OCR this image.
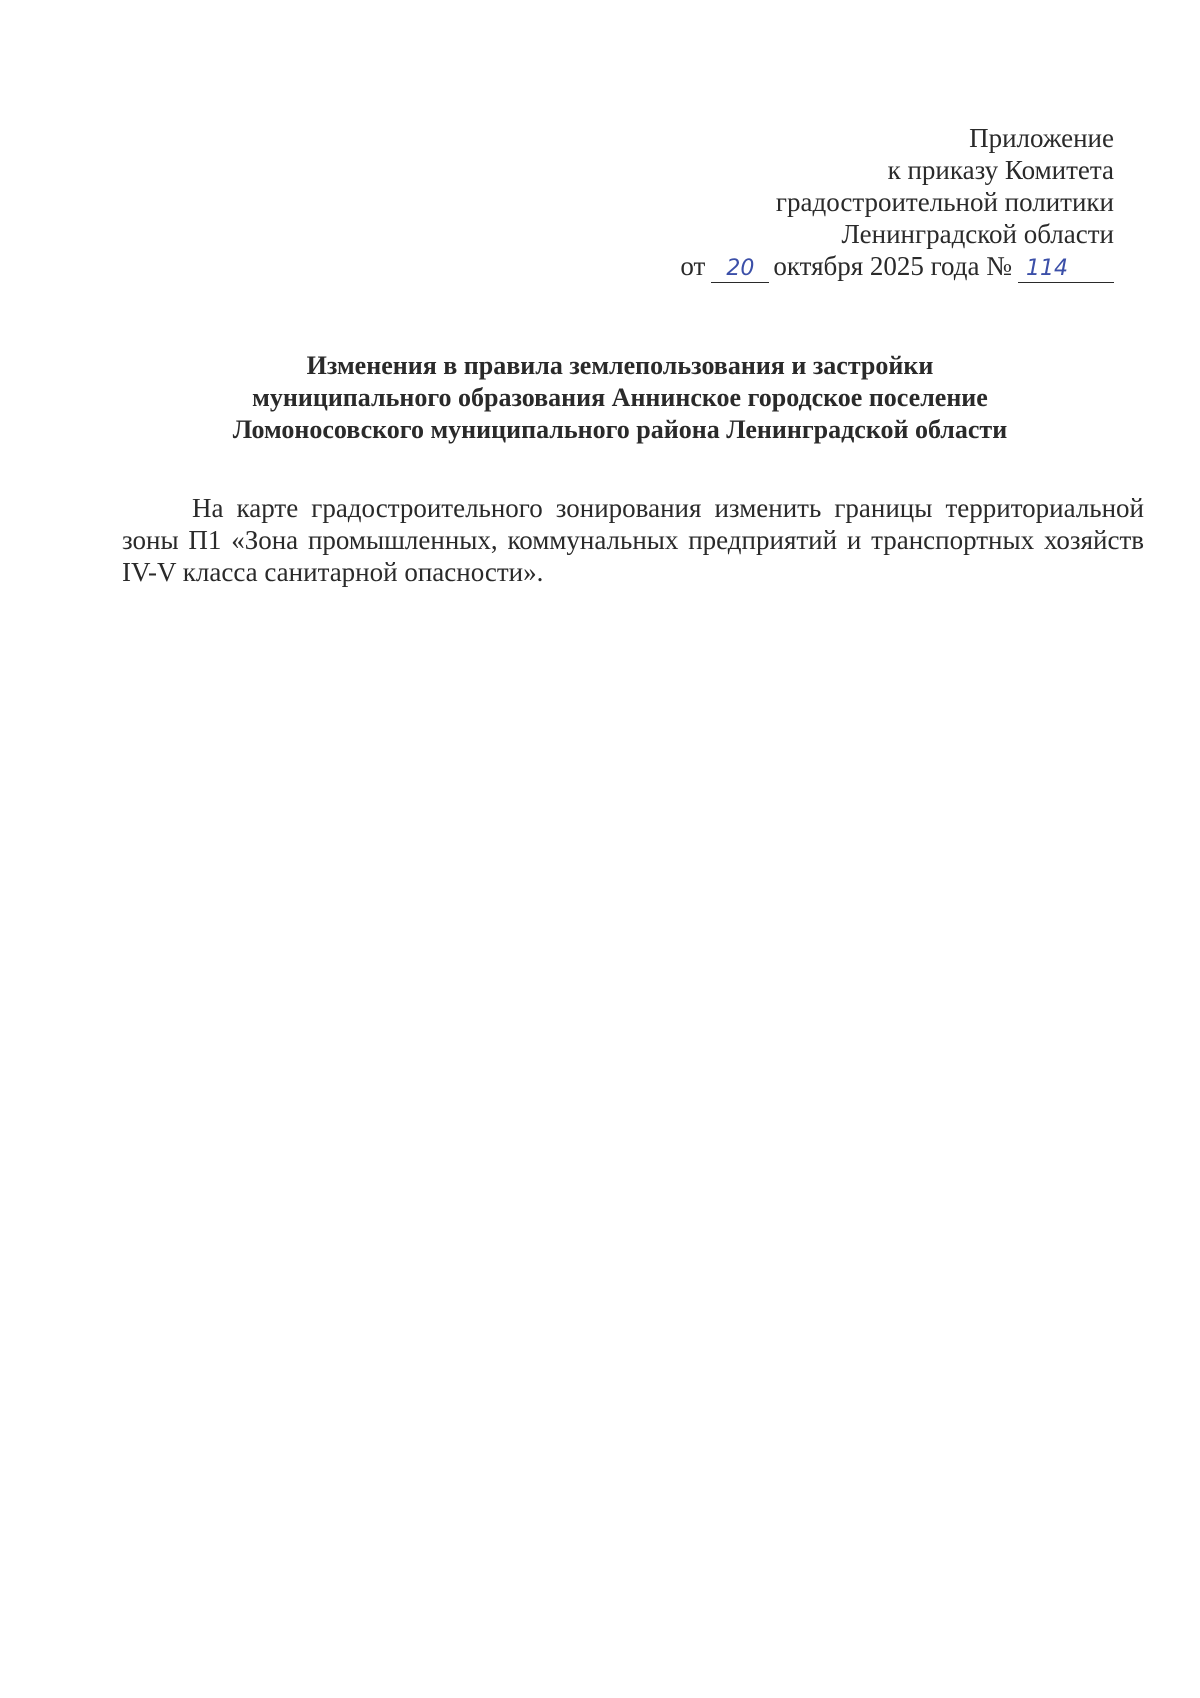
Приложение
к приказу Комитета
градостроительной политики
Ленинградской области
от 20 октября 2025 года № 114
Изменения в правила землепользования и застройки
муниципального образования Аннинское городское поселение
Ломоносовского муниципального района Ленинградской области

На карте градостроительного зонирования изменить границы территориальной зоны П1 «Зона промышленных, коммунальных предприятий и транспортных хозяйств IV-V класса санитарной опасности».
